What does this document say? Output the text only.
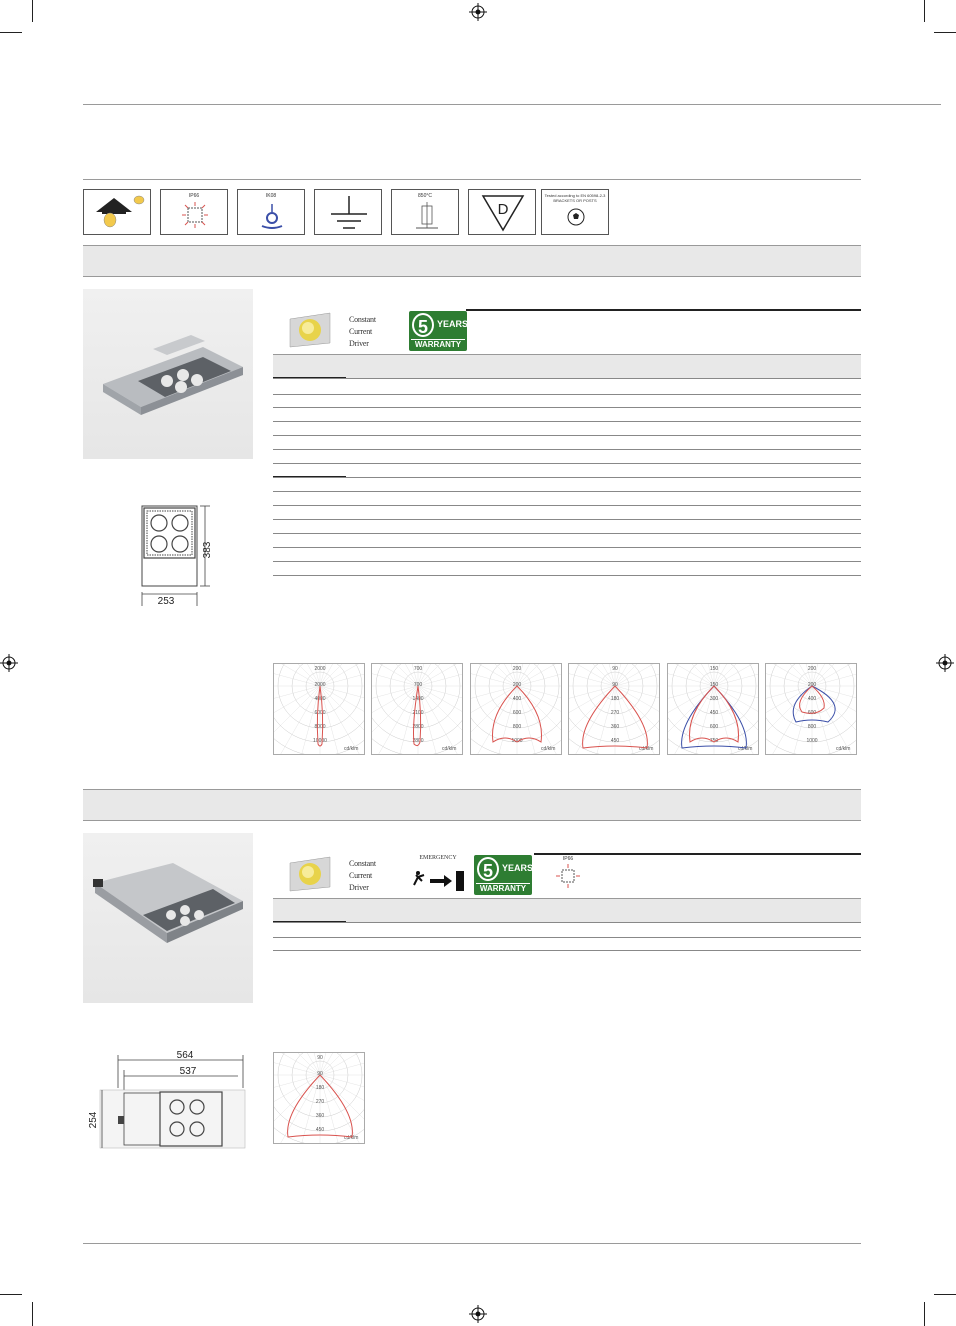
IP66	IK08	850°C
D
Tested according to EN 60598-2-3 BRACKETS OR POSTS
383
253
Constant
Current
Driver
5	YEARS
WARRANTY
564
537
254
Constant
Current
Driver
EMERGENCY
5	YEARS
WARRANTY
IP66
2000
2000
4000
6000
8000
10000
cd/klm
700
700
1400
2100
2800
2800
cd/klm
200
200
400
600
800
1000
cd/klm
90
90
180
270
360
450
cd/klm
150
150
300
450
600
750
cd/klm
200
200
400
600
800
1000
cd/klm
90
90
180
270
360
450
cd/klm
